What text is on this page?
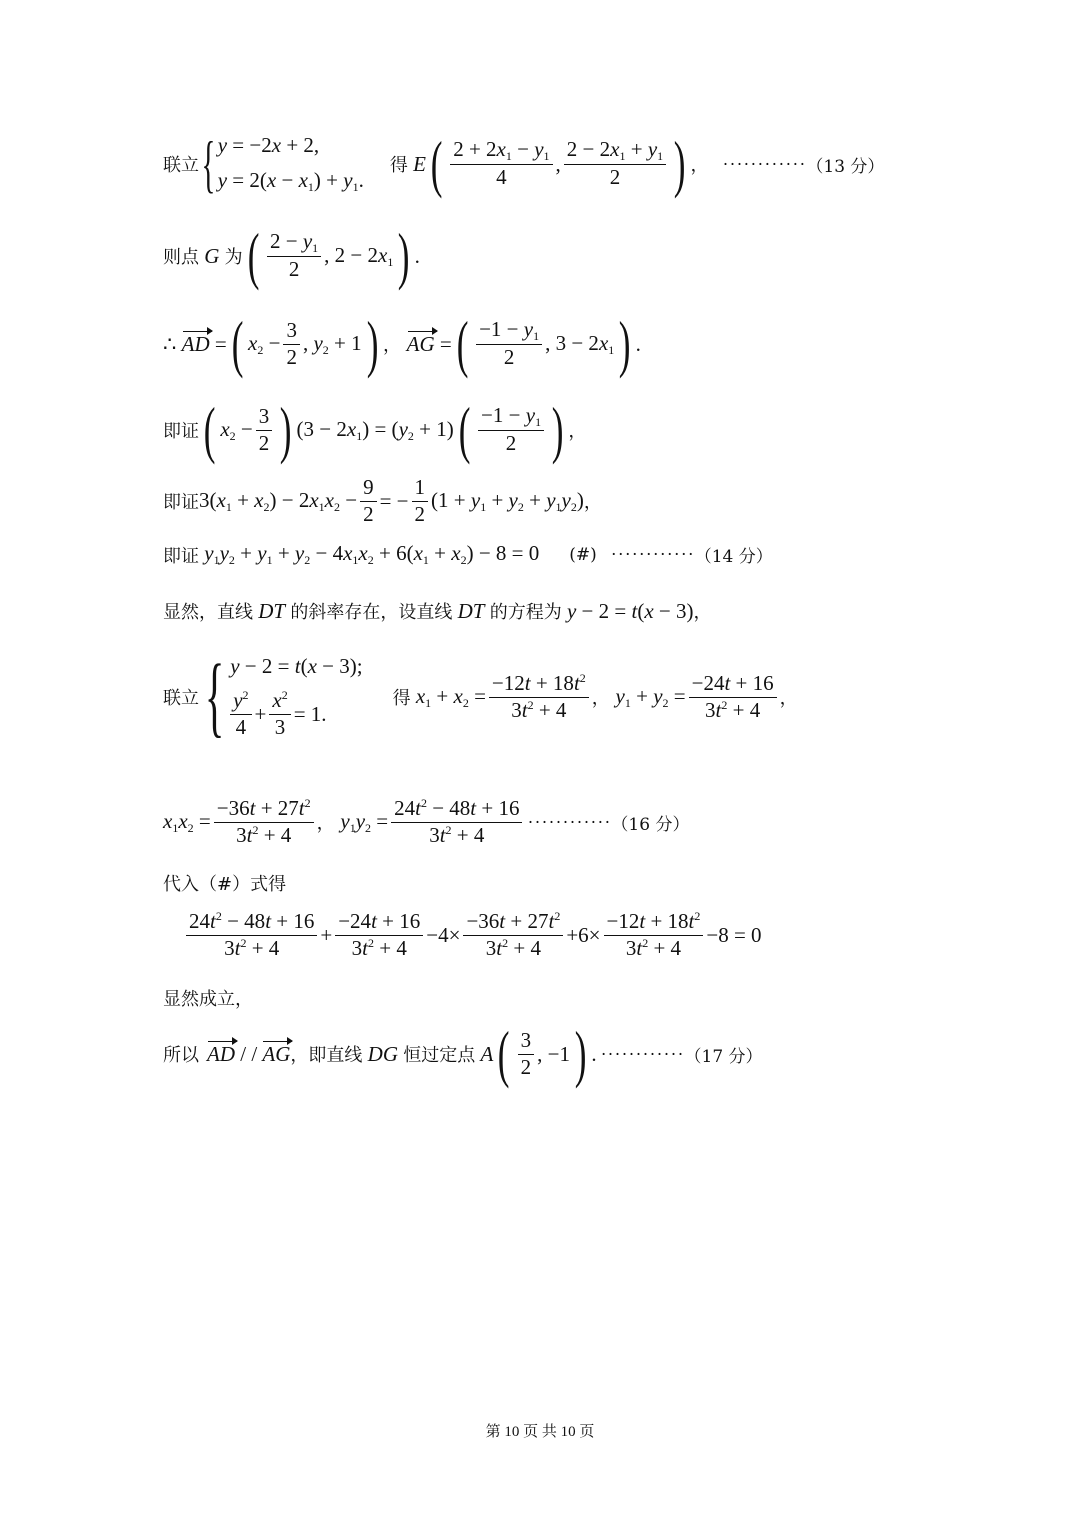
联立 { y = −2x + 2,
$y = 2(x - x_1) + y_1$.
得 E ( $\frac{2 + 2x_1 - y_1}{4}$ , $\frac{2 - 2x_1 + y_1}{2}$ ) ， ············ （13 分）
则点 G 为 ( $\frac{2 - y_1}{2}$ , $2 - 2x_1$ ) .
∴ AD = ( $x_2 - \frac{3}{2}$ , $y_2 + 1$ ) ， AG = ( $\frac{-1 - y_1}{2}$ , $3 - 2x_1$ ) .
即证 ( $x_2 - \frac{3}{2}$ ) $(3 - 2x_1) = (y_2 + 1)$ ( $\frac{-1 - y_1}{2}$ ) ，
即证 $3(x_1 + x_2) - 2x_1x_2 - \frac{9}{2}$ = − $\frac{1}{2} (1 + y_1 + y_2 + y_1y_2)$ ，
即证 $y_1y_2 + y_1 + y_2 - 4x_1x_2 + 6(x_1 + x_2) - 8 = 0$ (#) ············ （14 分）
显然，直线 DT 的斜率存在，设直线 DT 的方程为 y − 2 = t(x − 3) ，
联立 { y − 2 = t(x − 3);
$\frac{y^2}{4} + \frac{x^2}{3} = 1$.
得 $x_1 + x_2 = \frac{-12t + 18t^2}{3t^2 + 4}$ ， $y_1 + y_2 = \frac{-24t + 16}{3t^2 + 4}$ ，
$x_1x_2 = \frac{-36t + 27t^2}{3t^2 + 4}$ ， $y_1y_2 = \frac{24t^2 - 48t + 16}{3t^2 + 4}$ ············ （16 分）
代入（#）式得
$\frac{24t^2 - 48t + 16}{3t^2 + 4} + \frac{-24t + 16}{3t^2 + 4} -4\times \frac{-36t + 27t^2}{3t^2 + 4} +6\times \frac{-12t + 18t^2}{3t^2 + 4} -8 = 0$
显然成立，
所以 AD / / AG ，即直线 DG 恒过定点 A ( $\frac{3}{2}$ , −1 ) . ············ （17 分）
第 10 页 共 10 页
